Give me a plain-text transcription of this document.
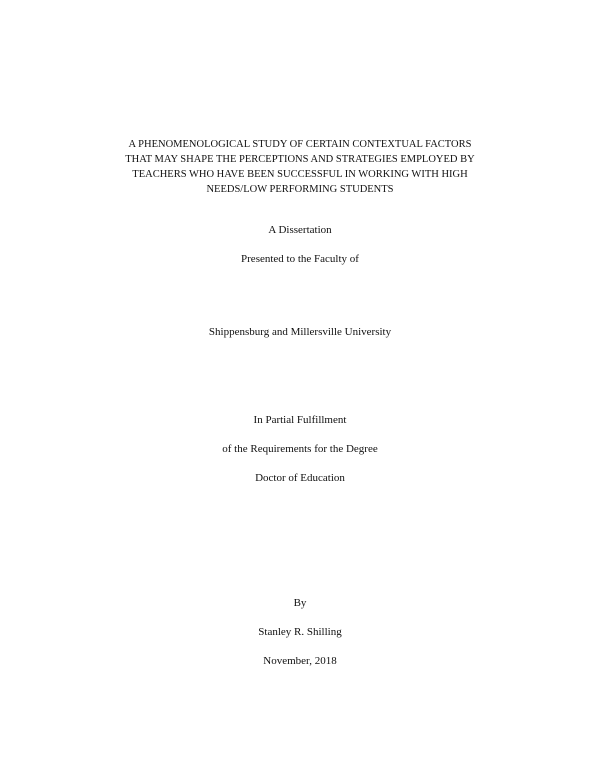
A PHENOMENOLOGICAL STUDY OF CERTAIN CONTEXTUAL FACTORS
THAT MAY SHAPE THE PERCEPTIONS AND STRATEGIES EMPLOYED BY
TEACHERS WHO HAVE BEEN SUCCESSFUL IN WORKING WITH HIGH
NEEDS/LOW PERFORMING STUDENTS
A Dissertation
Presented to the Faculty of
Shippensburg and Millersville University
In Partial Fulfillment
of the Requirements for the Degree
Doctor of Education
By
Stanley R. Shilling
November, 2018
